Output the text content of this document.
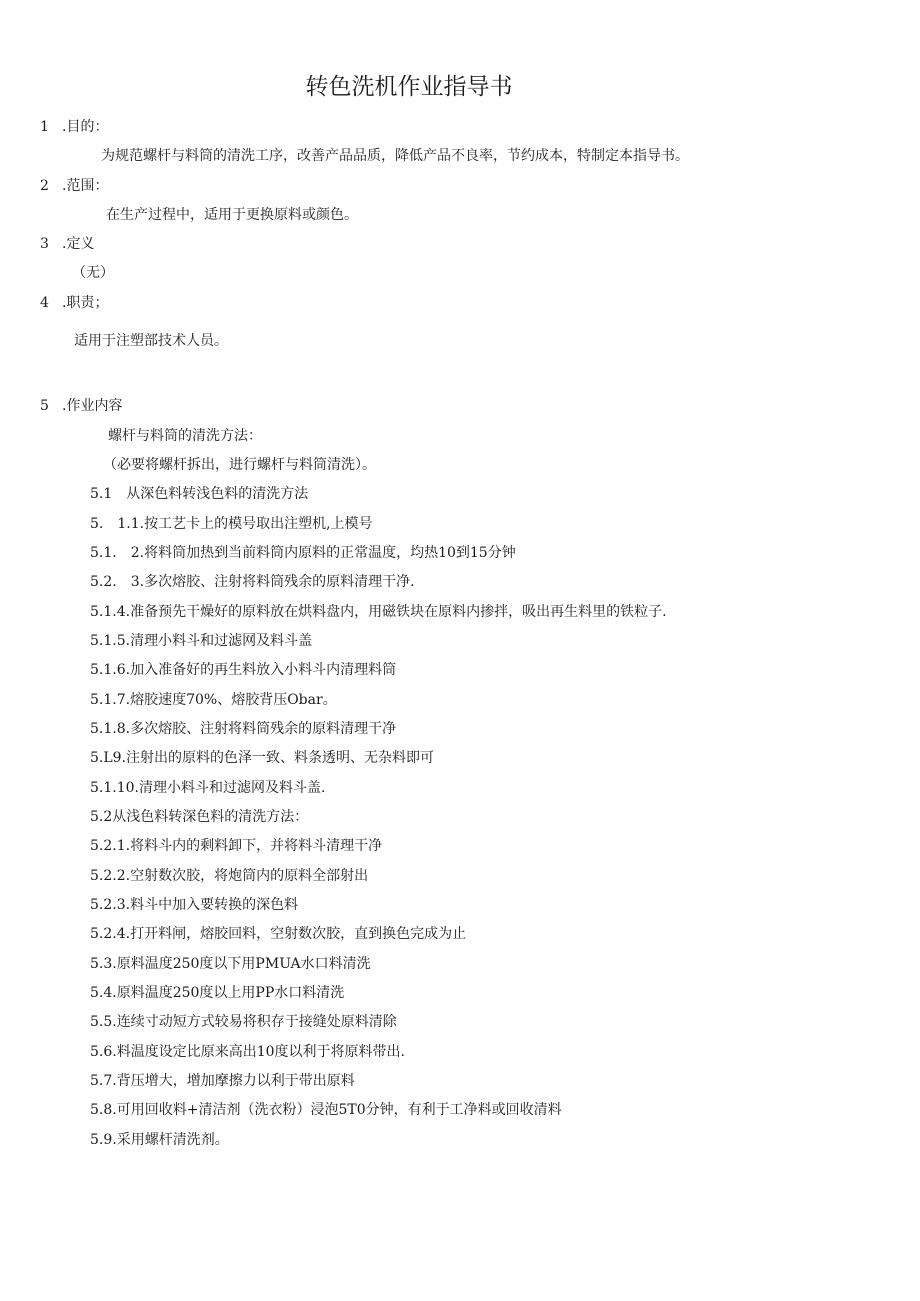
转色洗机作业指导书
1 .目的：
为规范螺杆与料筒的清洗工序，改善产品品质，降低产品不良率，节约成本，特制定本指导书。
2 .范围：
在生产过程中，适用于更换原料或颜色。
3 .定义
（无）
4 .职责；
适用于注塑部技术人员。
5 .作业内容
螺杆与料筒的清洗方法：
（必要将螺杆拆出，进行螺杆与料筒清洗）。
5.1　从深色料转浅色料的清洗方法
5.　1.1.按工艺卡上的模号取出注塑机,上模号
5.1.　2.将料筒加热到当前料筒内原料的正常温度，均热10到15分钟
5.2.　3.多次熔胶、注射将料筒残余的原料清理干净.
5.1.4.准备预先干燥好的原料放在烘料盘内，用磁铁块在原料内掺拌，吸出再生料里的铁粒子.
5.1.5.清理小料斗和过滤网及料斗盖
5.1.6.加入准备好的再生料放入小料斗内清理料筒
5.1.7.熔胶速度70%、熔胶背压Obar。
5.1.8.多次熔胶、注射将料筒残余的原料清理干净
5.L9.注射出的原料的色泽一致、料条透明、无杂料即可
5.1.10.清理小料斗和过滤网及料斗盖.
5.2从浅色料转深色料的清洗方法：
5.2.1.将料斗内的剩料卸下，并将料斗清理干净
5.2.2.空射数次胶，将炮筒内的原料全部射出
5.2.3.料斗中加入要转换的深色料
5.2.4.打开料闸，熔胶回料，空射数次胶，直到换色完成为止
5.3.原料温度250度以下用PMUA水口料清洗
5.4.原料温度250度以上用PP水口料清洗
5.5.连续寸动短方式较易将积存于接缝处原料清除
5.6.料温度设定比原来高出10度以利于将原料带出.
5.7.背压增大，增加摩擦力以利于带出原料
5.8.可用回收料+清洁剂（洗衣粉）浸泡5T0分钟，有利于工净料或回收清料
5.9.采用螺杆清洗剂。
